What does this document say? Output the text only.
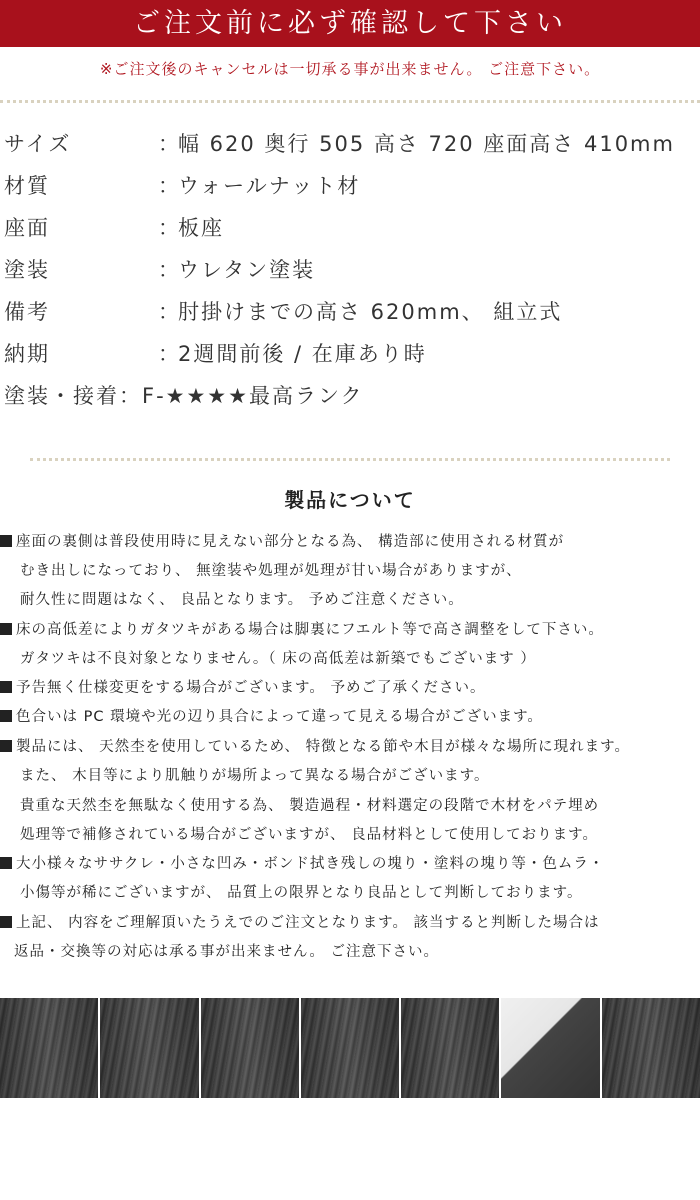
ご注文前に必ず確認して下さい
※ご注文後のキャンセルは一切承る事が出来ません。 ご注意下さい。
サイズ	：
幅 620 奥行 505 高さ 720 座面高さ 410mm
材質	：
ウォールナット材
座面	：
板座
塗装	：
ウレタン塗装
備考	：
肘掛けまでの高さ 620mm、 組立式
納期	：
2週間前後 / 在庫あり時
塗装・接着：F-★★★★最高ランク
製品について
座面の裏側は普段使用時に見えない部分となる為、 構造部に使用される材質が
むき出しになっており、 無塗装や処理が処理が甘い場合がありますが、
耐久性に問題はなく、 良品となります。 予めご注意ください。
床の高低差によりガタツキがある場合は脚裏にフエルト等で高さ調整をして下さい。
ガタツキは不良対象となりません。（ 床の高低差は新築でもございます ）
予告無く仕様変更をする場合がございます。 予めご了承ください。
色合いは PC 環境や光の辺り具合によって違って見える場合がございます。
製品には、 天然杢を使用しているため、 特徴となる節や木目が様々な場所に現れます。
また、 木目等により肌触りが場所よって異なる場合がございます。
貴重な天然杢を無駄なく使用する為、 製造過程・材料選定の段階で木材をパテ埋め
処理等で補修されている場合がございますが、 良品材料として使用しております。
大小様々なササクレ・小さな凹み・ボンド拭き残しの塊り・塗料の塊り等・色ムラ・
小傷等が稀にございますが、 品質上の限界となり良品として判断しております。
上記、 内容をご理解頂いたうえでのご注文となります。 該当すると判断した場合は
返品・交換等の対応は承る事が出来ません。 ご注意下さい。
